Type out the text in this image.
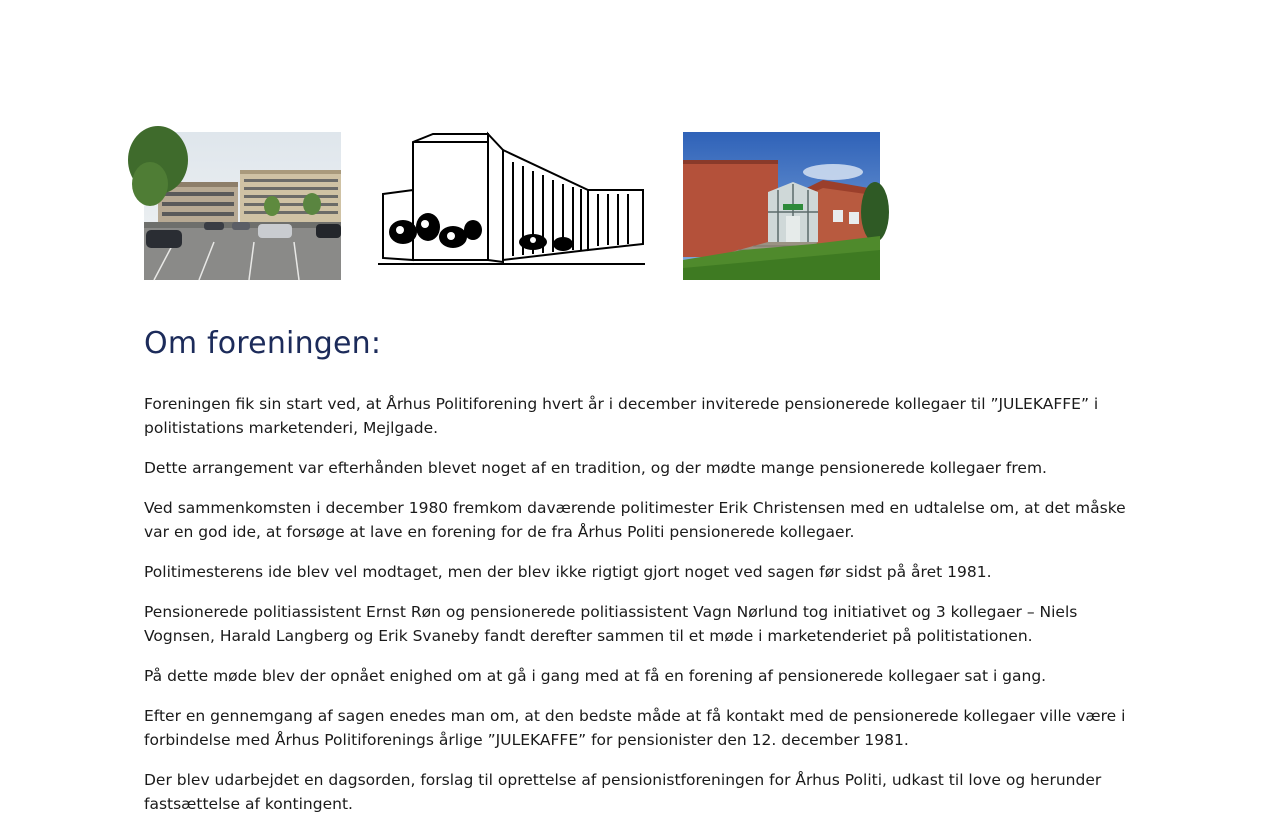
Om foreningen:

Foreningen fik sin start ved, at Århus Politiforening hvert år i december inviterede pensionerede kollegaer til ”JULEKAFFE” i politistations marketenderi, Mejlgade.

Dette arrangement var efterhånden blevet noget af en tradition, og der mødte mange pensionerede kollegaer frem.

Ved sammenkomsten i december 1980 fremkom daværende politimester Erik Christensen med en udtalelse om, at det måske var en god ide, at forsøge at lave en forening for de fra Århus Politi pensionerede kollegaer.

Politimesterens ide blev vel modtaget, men der blev ikke rigtigt gjort noget ved sagen før sidst på året 1981.

Pensionerede politiassistent Ernst Røn og pensionerede politiassistent Vagn Nørlund tog initiativet og 3 kollegaer – Niels Vognsen, Harald Langberg og Erik Svaneby fandt derefter sammen til et møde i marketenderiet på politistationen.

På dette møde blev der opnået enighed om at gå i gang med at få en forening af pensionerede kollegaer sat i gang.

Efter en gennemgang af sagen enedes man om, at den bedste måde at få kontakt med de pensionerede kollegaer ville være i forbindelse med Århus Politiforenings årlige ”JULEKAFFE” for pensionister den 12. december 1981.

Der blev udarbejdet en dagsorden, forslag til oprettelse af pensionistforeningen for Århus Politi, udkast til love og herunder fastsættelse af kontingent.
